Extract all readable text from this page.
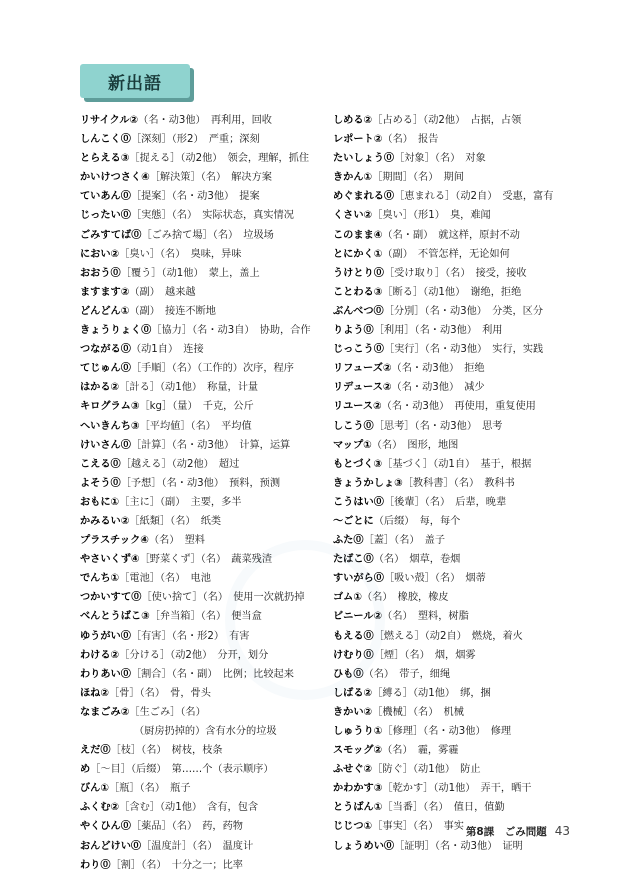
新出語
リサイクル②（名・动3他）　再利用，回收
しんこく⓪［深刻］（形2）　严重；深刻
とらえる③［捉える］（动2他）　领会，理解，抓住
かいけつさく④［解決策］（名）　解决方案
ていあん⓪［提案］（名・动3他）　提案
じったい⓪［実態］（名）　实际状态，真实情况
ごみすてば⓪［ごみ捨て場］（名）　垃圾场
におい②［臭い］（名）　臭味，异味
おおう⓪［覆う］（动1他）　蒙上，盖上
ますます②（副）　越来越
どんどん①（副）　接连不断地
きょうりょく⓪［協力］（名・动3自）　协助，合作
つながる⓪（动1自）　连接
てじゅん⓪［手順］（名）（工作的）次序，程序
はかる②［計る］（动1他）　称量，计量
キログラム③［kg］（量）　千克，公斤
へいきんち③［平均値］（名）　平均值
けいさん⓪［計算］（名・动3他）　计算，运算
こえる⓪［越える］（动2他）　超过
よそう⓪［予想］（名・动3他）　预料，预测
おもに①［主に］（副）　主要，多半
かみるい②［紙類］（名）　纸类
プラスチック④（名）　塑料
やさいくず④［野菜くず］（名）　蔬菜残渣
でんち①［電池］（名）　电池
つかいすて⓪［使い捨て］（名）　使用一次就扔掉
べんとうばこ③［弁当箱］（名）　便当盒
ゆうがい⓪［有害］（名・形2）　有害
わける②［分ける］（动2他）　分开，划分
わりあい⓪［割合］（名・副）　比例；比较起来
ほね②［骨］（名）　骨，骨头
なまごみ②［生ごみ］（名）
（厨房扔掉的）含有水分的垃圾
えだ⓪［枝］（名）　树枝，枝条
め［～目］（后缀）　第……个（表示顺序）
びん①［瓶］（名）　瓶子
ふくむ②［含む］（动1他）　含有，包含
やくひん⓪［薬品］（名）　药，药物
おんどけい⓪［温度計］（名）　温度计
わり⓪［割］（名）　十分之一；比率
しめる②［占める］（动2他）　占据，占领
レポート②（名）　报告
たいしょう⓪［対象］（名）　对象
きかん①［期間］（名）　期间
めぐまれる⓪［恵まれる］（动2自）　受惠，富有
くさい②［臭い］（形1）　臭，难闻
このまま④（名・副）　就这样，原封不动
とにかく①（副）　不管怎样，无论如何
うけとり⓪［受け取り］（名）　接受，接收
ことわる③［断る］（动1他）　谢绝，拒绝
ぶんべつ⓪［分別］（名・动3他）　分类，区分
りよう⓪［利用］（名・动3他）　利用
じっこう⓪［実行］（名・动3他）　实行，实践
リフューズ②（名・动3他）　拒绝
リデュース②（名・动3他）　减少
リユース②（名・动3他）　再使用，重复使用
しこう⓪［思考］（名・动3他）　思考
マップ①（名）　图形，地图
もとづく③［基づく］（动1自）　基于，根据
きょうかしょ③［教科書］（名）　教科书
こうはい⓪［後輩］（名）　后辈，晚辈
～ごとに（后缀）　每，每个
ふた⓪［蓋］（名）　盖子
たばこ⓪（名）　烟草，卷烟
すいがら⓪［吸い殻］（名）　烟蒂
ゴム①（名）　橡胶，橡皮
ビニール②（名）　塑料，树脂
もえる⓪［燃える］（动2自）　燃烧，着火
けむり⓪［煙］（名）　烟，烟雾
ひも⓪（名）　带子，细绳
しばる②［縛る］（动1他）　绑，捆
きかい②［機械］（名）　机械
しゅうり①［修理］（名・动3他）　修理
スモッグ②（名）　霾，雾霾
ふせぐ②［防ぐ］（动1他）　防止
かわかす③［乾かす］（动1他）　弄干，晒干
とうばん①［当番］（名）　值日，值勤
じじつ①［事実］（名）　事实
しょうめい⓪［証明］（名・动3他）　证明
第8課　ごみ問題 43
